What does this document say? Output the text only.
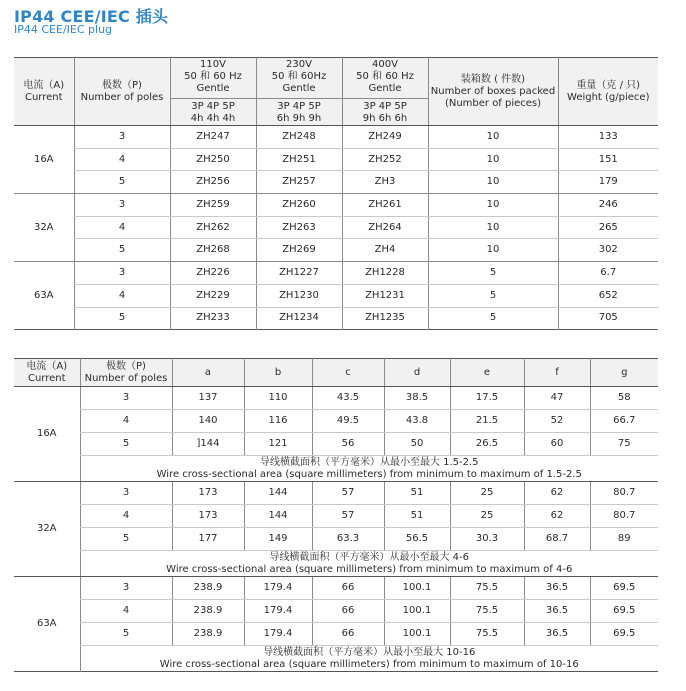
IP44 CEE/IEC 插头
IP44 CEE/IEC plug
电流（A)
Current	极数（P)
Number of poles	110V
50 和 60 Hz
Gentle
3P 4P 5P
4h 4h 4h	230V
50 和 60Hz
Gentle
3P 4P 5P
6h 9h 9h	400V
50 和 60 Hz
Gentle
3P 4P 5P
9h 6h 6h	装箱数 ( 件数)
Number of boxes packed
(Number of pieces)	重量（克 / 只)
Weight (g/piece)

16A	3	ZH247	ZH248	ZH249	10	133
	4	ZH250	ZH251	ZH252	10	151
	5	ZH256	ZH257	ZH3	10	179
32A	3	ZH259	ZH260	ZH261	10	246
	4	ZH262	ZH263	ZH264	10	265
	5	ZH268	ZH269	ZH4	10	302
63A	3	ZH226	ZH1227	ZH1228	5	6.7
	4	ZH229	ZH1230	ZH1231	5	652
	5	ZH233	ZH1234	ZH1235	5	705
电流（A)
Current	极数（P)
Number of poles	a	b	c	d	e	f	g
16A	3	137	110	43.5	38.5	17.5	47	58
	4	140	116	49.5	43.8	21.5	52	66.7
	5	]144	121	56	50	26.5	60	75

	导线横截面积（平方毫米）从最小至最大 1.5-2.5
Wire cross-sectional area (square millimeters) from minimum to maximum of 1.5-2.5							

32A	3	173	144	57	51	25	62	80.7
	4	173	144	57	51	25	62	80.7
	5	177	149	63.3	56.5	30.3	68.7	89

	导线横截面积（平方毫米）从最小至最大 4-6
Wire cross-sectional area (square millimeters) from minimum to maximum of 4-6							

63A	3	238.9	179.4	66	100.1	75.5	36.5	69.5
	4	238.9	179.4	66	100.1	75.5	36.5	69.5
	5	238.9	179.4	66	100.1	75.5	36.5	69.5

	导线横截面积（平方毫米）从最小至最大 10-16
Wire cross-sectional area (square millimeters) from minimum to maximum of 10-16							
